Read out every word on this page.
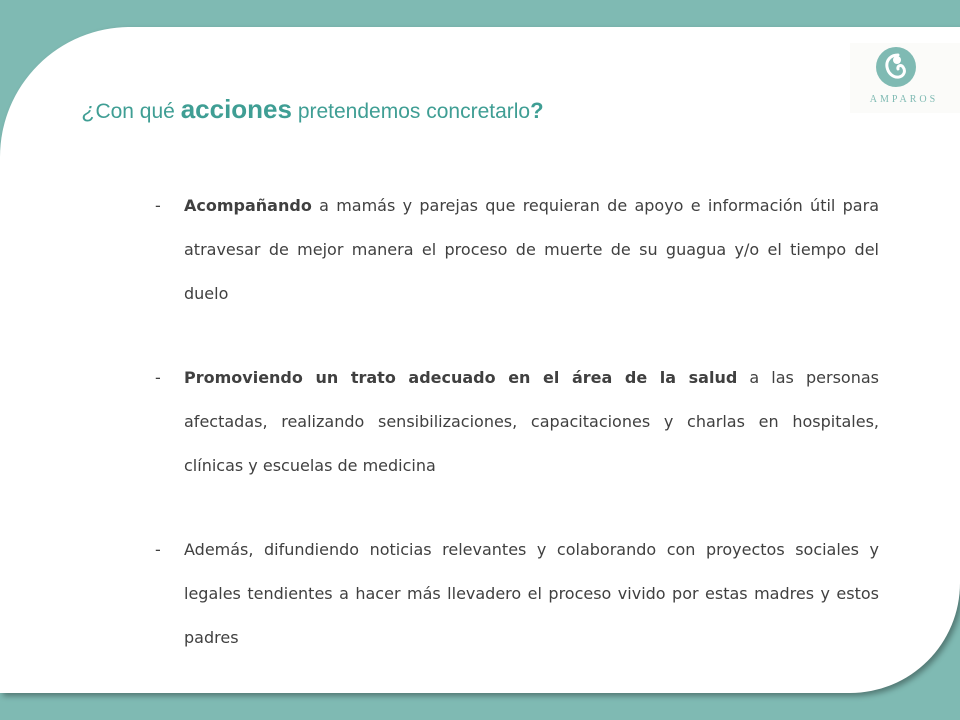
¿Con qué acciones pretendemos concretarlo?	AMPAROS
- Acompañando a mamás y parejas que requieran de apoyo e información útil para atravesar de mejor manera el proceso de muerte de su guagua y/o el tiempo del duelo
- Promoviendo un trato adecuado en el área de la salud a las personas afectadas, realizando sensibilizaciones, capacitaciones y charlas en hospitales, clínicas y escuelas de medicina
- Además, difundiendo noticias relevantes y colaborando con proyectos sociales y legales tendientes a hacer más llevadero el proceso vivido por estas madres y estos padres
